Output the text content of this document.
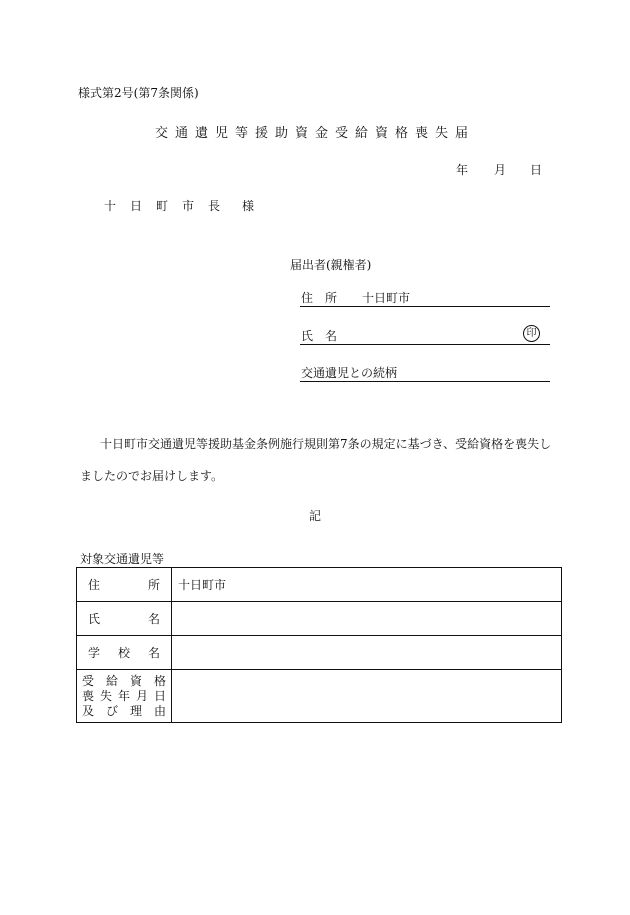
様式第2号(第7条関係)
交通遺児等援助資金受給資格喪失届
年 月 日
十日町市長 様
届出者(親権者)
住　所 十日町市
氏　名	印
交通遺児との続柄

十日町市交通遺児等援助基金条例施行規則第7条の規定に基づき、受給資格を喪失しましたのでお届けします。

記
対象交通遺児等
住所	十日町市
氏名	
学校名	

受給資格
喪失年月日
及び理由	
